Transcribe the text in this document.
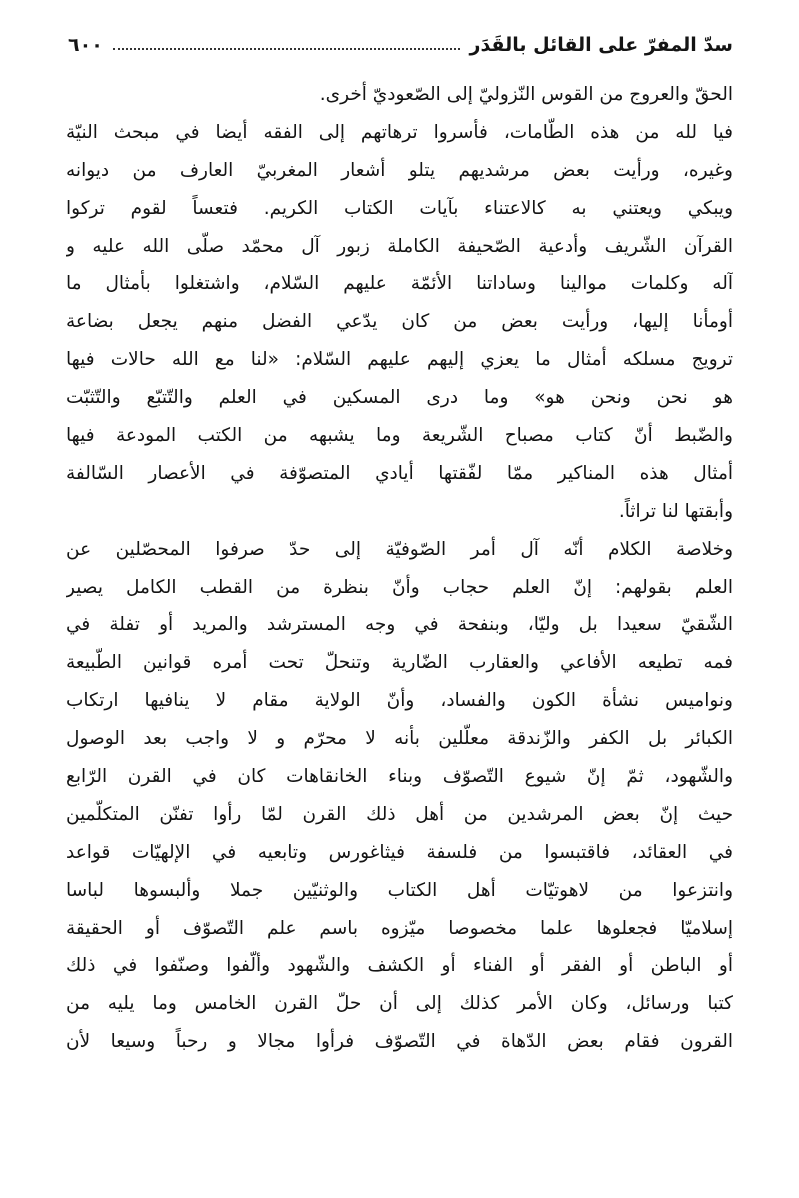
سدّ المفرّ على القائل بالقَدَر
٦٠٠
الحقّ والعروج من القوس النّزوليّ إلى الصّعوديّ أخرى.
فيا لله من هذه الطّامات، فأسروا ترهاتهم إلى الفقه أيضا في مبحث النيّة
وغيره، ورأيت بعض مرشديهم يتلو أشعار المغربيّ العارف من ديوانه
ويبكي ويعتني به كالاعتناء بآيات الكتاب الكريم. فتعساً لقوم تركوا
القرآن الشّريف وأدعية الصّحيفة الكاملة زبور آل محمّد صلّى الله عليه و
آله وكلمات موالينا وساداتنا الأئمّة عليهم السّلام، واشتغلوا بأمثال ما
أومأنا إليها، ورأيت بعض من كان يدّعي الفضل منهم يجعل بضاعة
ترويج مسلكه أمثال ما يعزي إليهم عليهم السّلام: «لنا مع الله حالات فيها
هو نحن ونحن هو» وما درى المسكين في العلم والتّتبّع والتّثبّت
والضّبط أنّ كتاب مصباح الشّريعة وما يشبهه من الكتب المودعة فيها
أمثال هذه المناكير ممّا لفّقتها أيادي المتصوّفة في الأعصار السّالفة
وأبقتها لنا تراثاً.
وخلاصة الكلام أنّه آل أمر الصّوفيّة إلى حدّ صرفوا المحصّلين عن
العلم بقولهم: إنّ العلم حجاب وأنّ بنظرة من القطب الكامل يصير
الشّقيّ سعيدا بل وليّا، وبنفحة في وجه المسترشد والمريد أو تفلة في
فمه تطيعه الأفاعي والعقارب الضّارية وتنحلّ تحت أمره قوانين الطّبيعة
ونواميس نشأة الكون والفساد، وأنّ الولاية مقام لا ينافيها ارتكاب
الكبائر بل الكفر والزّندقة معلّلين بأنه لا محرّم و لا واجب بعد الوصول
والشّهود، ثمّ إنّ شيوع التّصوّف وبناء الخانقاهات كان في القرن الرّابع
حيث إنّ بعض المرشدين من أهل ذلك القرن لمّا رأوا تفنّن المتكلّمين
في العقائد، فاقتبسوا من فلسفة فيثاغورس وتابعيه في الإلهيّات قواعد
وانتزعوا من لاهوتيّات أهل الكتاب والوثنيّين جملا وألبسوها لباسا
إسلاميّا فجعلوها علما مخصوصا ميّزوه باسم علم التّصوّف أو الحقيقة
أو الباطن أو الفقر أو الفناء أو الكشف والشّهود وألّفوا وصنّفوا في ذلك
كتبا ورسائل، وكان الأمر كذلك إلى أن حلّ القرن الخامس وما يليه من
القرون فقام بعض الدّهاة في التّصوّف فرأوا مجالا و رحباً وسيعا لأن
